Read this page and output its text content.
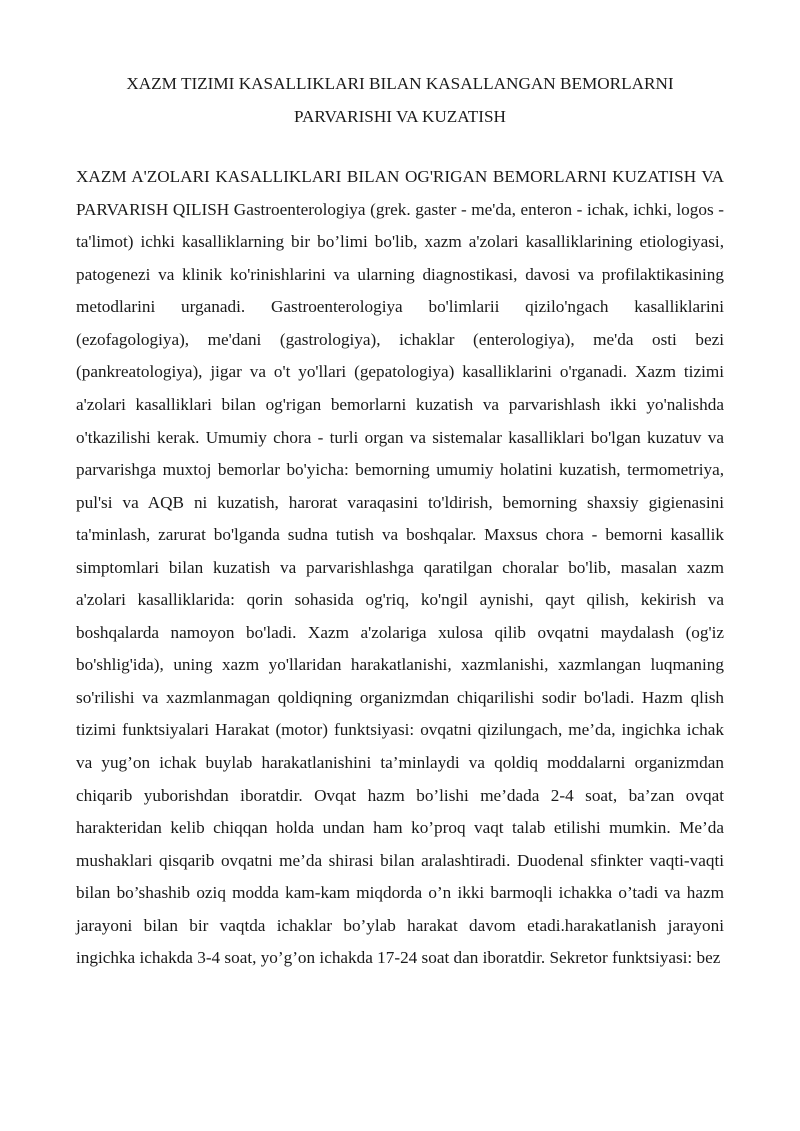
XAZM TIZIMI KASALLIKLARI BILAN KASALLANGAN BEMORLARNI
PARVARISHI VA KUZATISH

XAZM A'ZOLARI KASALLIKLARI BILAN OG'RIGAN BEMORLARNI KUZATISH VA PARVARISH QILISH Gastroenterologiya (grek. gaster - me'da, enteron - ichak, ichki, logos - ta'limot) ichki kasalliklarning bir bo’limi bo'lib, xazm a'zolari kasalliklarining etiologiyasi, patogenezi va klinik ko'rinishlarini va ularning diagnostikasi, davosi va profilaktikasining metodlarini urganadi. Gastroenterologiya bo'limlarii qizilo'ngach kasalliklarini (ezofagologiya), me'dani (gastrologiya), ichaklar (enterologiya), me'da osti bezi (pankreatologiya), jigar va o't yo'llari (gepatologiya) kasalliklarini o'rganadi. Xazm tizimi a'zolari kasalliklari bilan og'rigan bemorlarni kuzatish va parvarishlash ikki yo'nalishda o'tkazilishi kerak. Umumiy chora - turli organ va sistemalar kasalliklari bo'lgan kuzatuv va parvarishga muxtoj bemorlar bo'yicha: bemorning umumiy holatini kuzatish, termometriya, pul'si va AQB ni kuzatish, harorat varaqasini to'ldirish, bemorning shaxsiy gigienasini ta'minlash, zarurat bo'lganda sudna tutish va boshqalar. Maxsus chora - bemorni kasallik simptomlari bilan kuzatish va parvarishlashga qaratilgan choralar bo'lib, masalan xazm a'zolari kasalliklarida: qorin sohasida og'riq, ko'ngil aynishi, qayt qilish, kekirish va boshqalarda namoyon bo'ladi. Xazm a'zolariga xulosa qilib ovqatni maydalash (og'iz bo'shlig'ida), uning xazm yo'llaridan harakatlanishi, xazmlanishi, xazmlangan luqmaning so'rilishi va xazmlanmagan qoldiqning organizmdan chiqarilishi sodir bo'ladi. Hazm qlish tizimi funktsiyalari Harakat (motor) funktsiyasi: ovqatni qizilungach, me’da, ingichka ichak va yug’on ichak buylab harakatlanishini ta’minlaydi va qoldiq moddalarni organizmdan chiqarib yuborishdan iboratdir. Ovqat hazm bo’lishi me’dada 2-4 soat, ba’zan ovqat harakteridan kelib chiqqan holda undan ham ko’proq vaqt talab etilishi mumkin. Me’da mushaklari qisqarib ovqatni me’da shirasi bilan aralashtiradi. Duodenal sfinkter vaqti-vaqti bilan bo’shashib oziq modda kam-kam miqdorda o’n ikki barmoqli ichakka o’tadi va hazm jarayoni bilan bir vaqtda ichaklar bo’ylab harakat davom etadi.harakatlanish jarayoni ingichka ichakda 3-4 soat, yo’g’on ichakda 17-24 soat dan iboratdir. Sekretor funktsiyasi: bez
